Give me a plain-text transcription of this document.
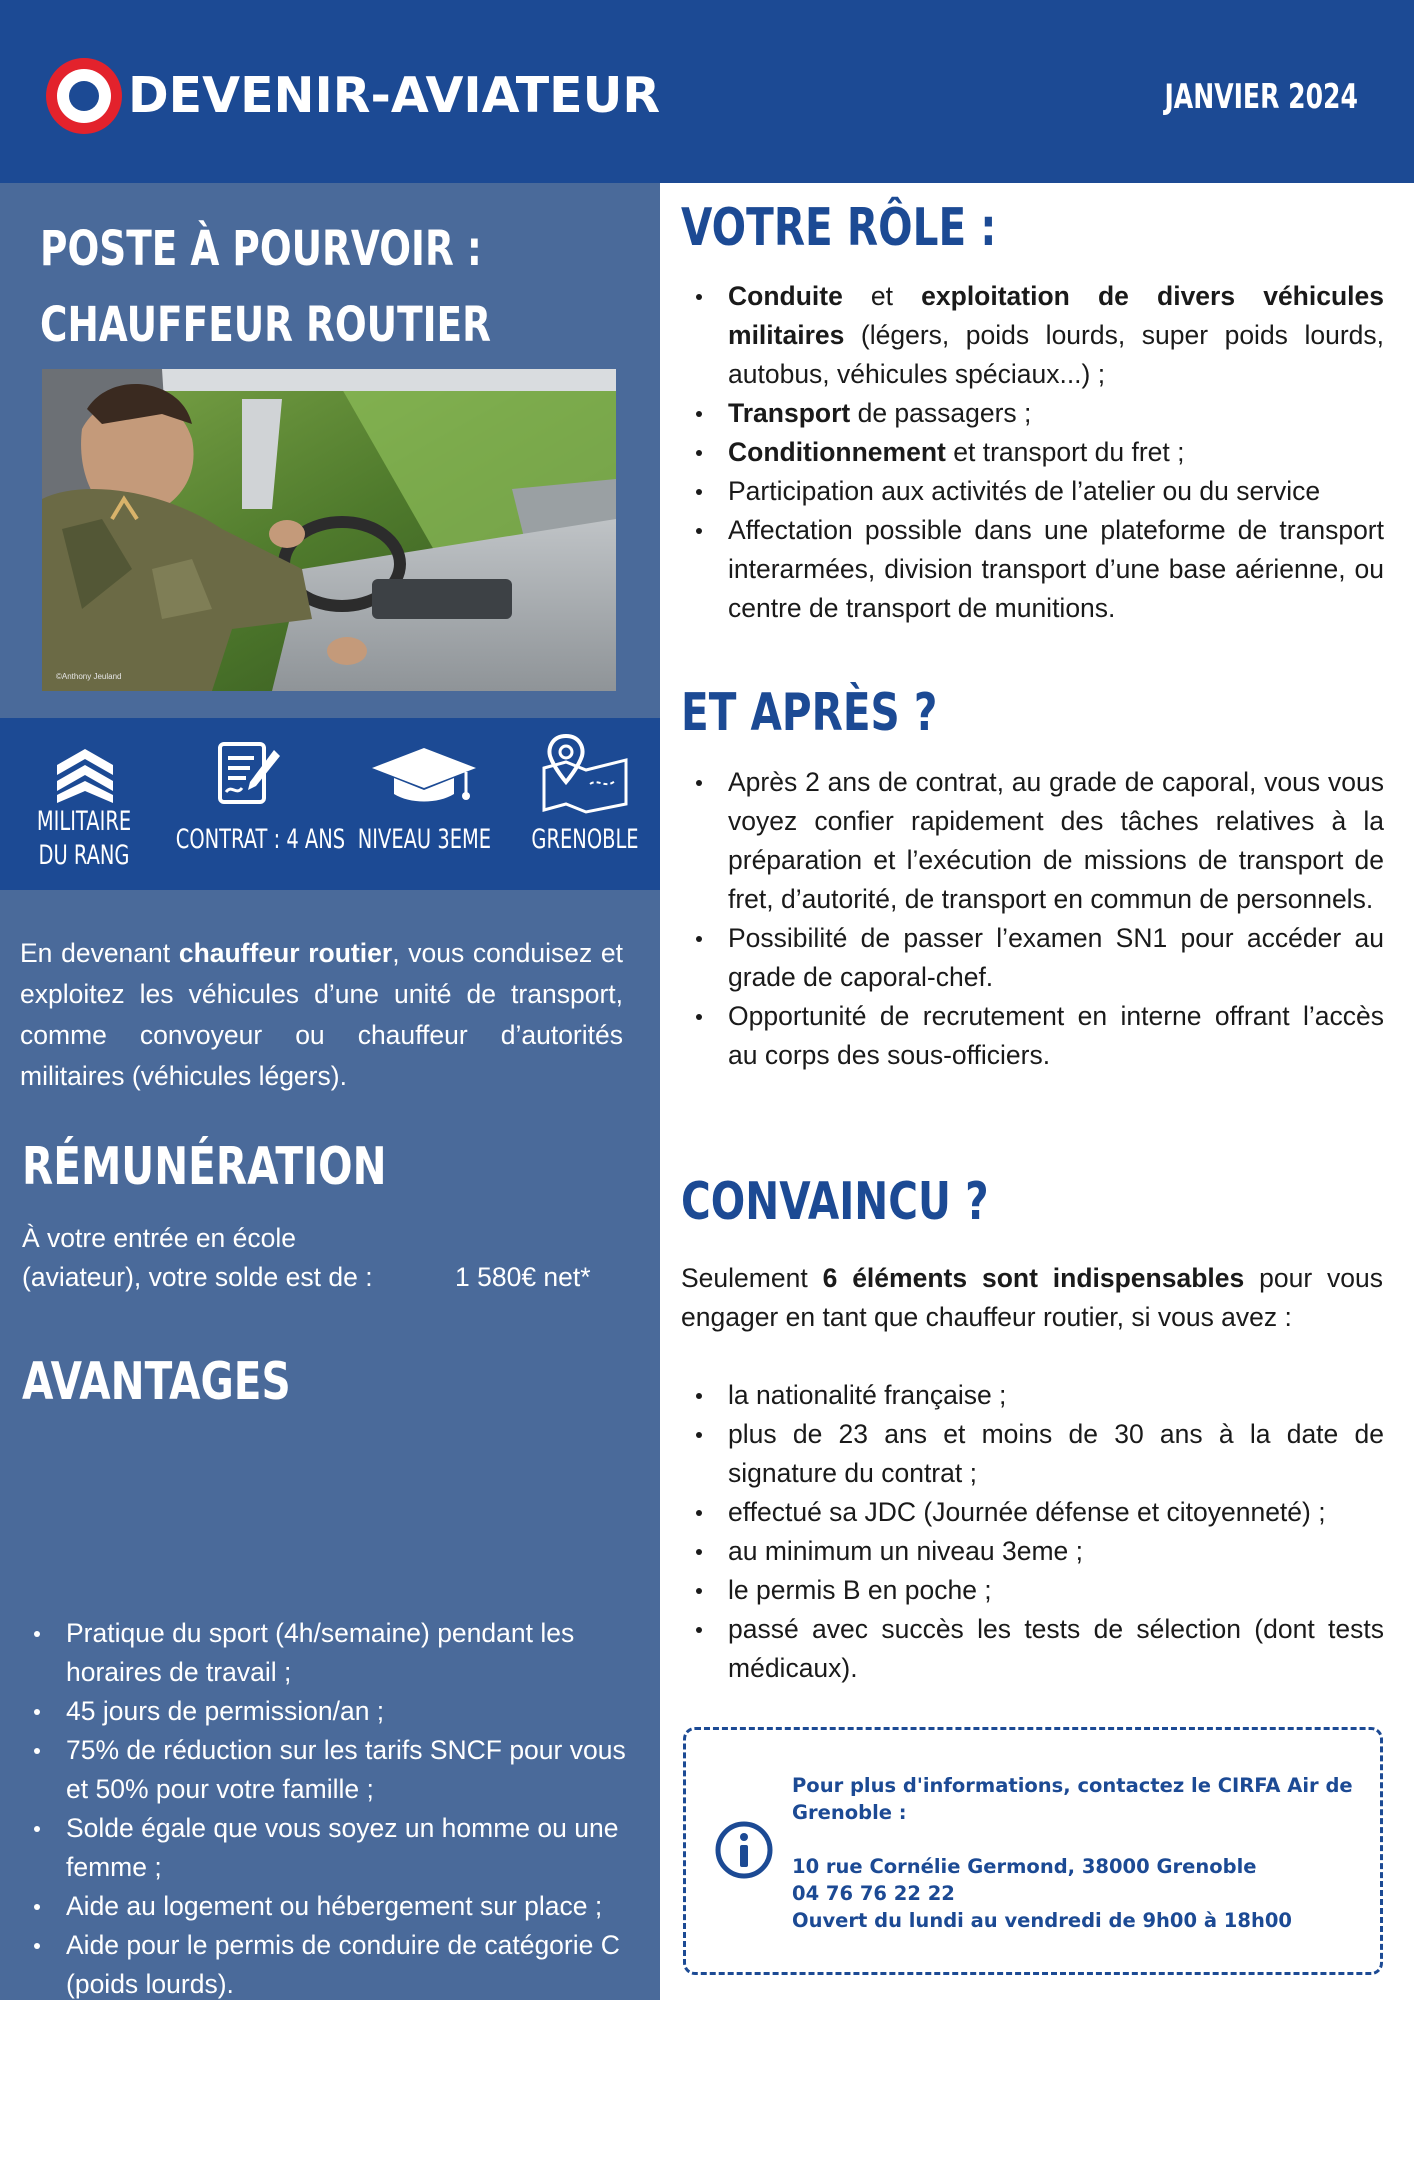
DEVENIR-AVIATEUR	JANVIER 2024
POSTE À POURVOIR :
CHAUFFEUR ROUTIER
©Anthony Jeuland
MILITAIRE
DU RANG
CONTRAT : 4 ANS NIVEAU 3EME	GRENOBLE
En devenant chauffeur routier, vous conduisez et exploitez les véhicules d’une unité de transport, comme convoyeur ou chauffeur d’autorités militaires (véhicules légers).
RÉMUNÉRATION
À votre entrée en école
(aviateur), votre solde est de :	1 580€ net*
AVANTAGES
Pratique du sport (4h/semaine) pendant les horaires de travail ;
45 jours de permission/an ;
75% de réduction sur les tarifs SNCF pour vous et 50% pour votre famille ;
Solde égale que vous soyez un homme ou une femme ;
Aide au logement ou hébergement sur place ;
Aide pour le permis de conduire de catégorie C (poids lourds).
*Solde pour un célibataire sans enfant, non logé sur base.
VOTRE RÔLE :
Conduite et exploitation de divers véhicules militaires (légers, poids lourds, super poids lourds, autobus, véhicules spéciaux...) ;
Transport de passagers ;
Conditionnement et transport du fret ;
Participation aux activités de l’atelier ou du service
Affectation possible dans une plateforme de transport interarmées, division transport d’une base aérienne, ou centre de transport de munitions.
ET APRÈS ?
Après 2 ans de contrat, au grade de caporal, vous vous voyez confier rapidement des tâches relatives à la préparation et l’exécution de missions de transport de fret, d’autorité, de transport en commun de personnels.
Possibilité de passer l’examen SN1 pour accéder au grade de caporal-chef.
Opportunité de recrutement en interne offrant l’accès au corps des sous-officiers.
CONVAINCU ?
Seulement 6 éléments sont indispensables pour vous engager en tant que chauffeur routier, si vous avez :
la nationalité française ;
plus de 23 ans et moins de 30 ans à la date de signature du contrat ;
effectué sa JDC (Journée défense et citoyenneté) ;
au minimum un niveau 3eme ;
le permis B en poche ;
passé avec succès les tests de sélection (dont tests médicaux).
Pour plus d'informations, contactez le CIRFA Air de Grenoble :
10 rue Cornélie Germond, 38000 Grenoble
04 76 76 22 22
Ouvert du lundi au vendredi de 9h00 à 18h00
